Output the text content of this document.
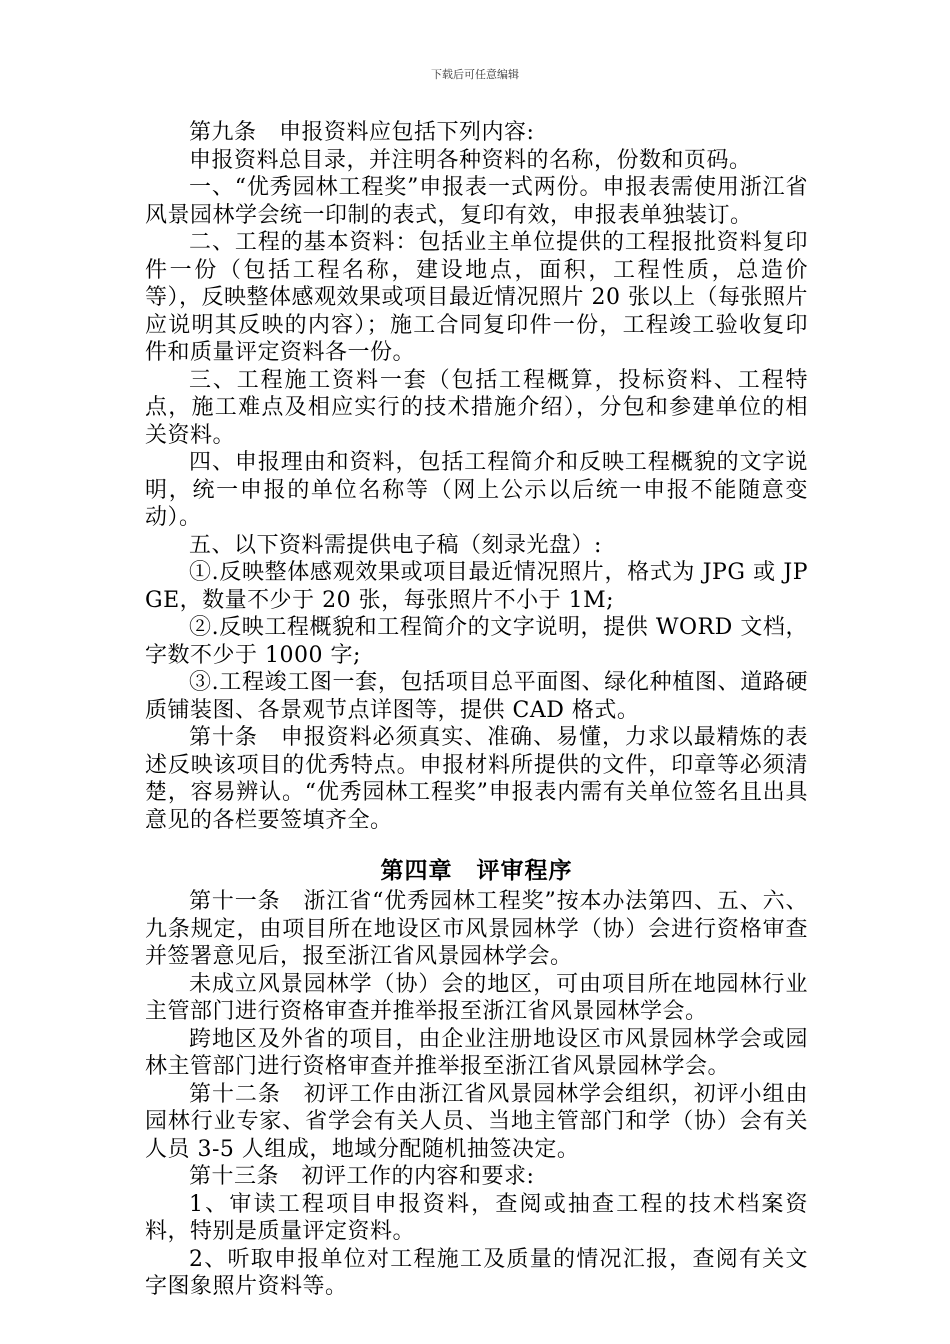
下载后可任意编辑

第九条　申报资料应包括下列内容:

申报资料总目录，并注明各种资料的名称，份数和页码。

一、“优秀园林工程奖”申报表一式两份。申报表需使用浙江省风景园林学会统一印制的表式，复印有效，申报表单独装订。

二、工程的基本资料：包括业主单位提供的工程报批资料复印件一份（包括工程名称，建设地点，面积，工程性质，总造价等），反映整体感观效果或项目最近情况照片 20 张以上（每张照片应说明其反映的内容）；施工合同复印件一份，工程竣工验收复印件和质量评定资料各一份。

三、工程施工资料一套（包括工程概算，投标资料、工程特点，施工难点及相应实行的技术措施介绍），分包和参建单位的相关资料。

四、申报理由和资料，包括工程简介和反映工程概貌的文字说明，统一申报的单位名称等（网上公示以后统一申报不能随意变动）。

五、以下资料需提供电子稿（刻录光盘）:

①.反映整体感观效果或项目最近情况照片，格式为 JPG 或 JPGE，数量不少于 20 张，每张照片不小于 1M;

②.反映工程概貌和工程简介的文字说明，提供 WORD 文档，字数不少于 1000 字;

③.工程竣工图一套，包括项目总平面图、绿化种植图、道路硬质铺装图、各景观节点详图等，提供 CAD 格式。

第十条　申报资料必须真实、准确、易懂，力求以最精炼的表述反映该项目的优秀特点。申报材料所提供的文件，印章等必须清楚，容易辨认。“优秀园林工程奖”申报表内需有关单位签名且出具意见的各栏要签填齐全。

第四章　评审程序

第十一条　浙江省“优秀园林工程奖”按本办法第四、五、六、九条规定，由项目所在地设区市风景园林学（协）会进行资格审查并签署意见后，报至浙江省风景园林学会。

未成立风景园林学（协）会的地区，可由项目所在地园林行业主管部门进行资格审查并推举报至浙江省风景园林学会。

跨地区及外省的项目，由企业注册地设区市风景园林学会或园林主管部门进行资格审查并推举报至浙江省风景园林学会。

第十二条　初评工作由浙江省风景园林学会组织，初评小组由园林行业专家、省学会有关人员、当地主管部门和学（协）会有关人员 3-5 人组成，地域分配随机抽签决定。

第十三条　初评工作的内容和要求:

1、审读工程项目申报资料，查阅或抽查工程的技术档案资料，特别是质量评定资料。

2、听取申报单位对工程施工及质量的情况汇报，查阅有关文字图象照片资料等。
